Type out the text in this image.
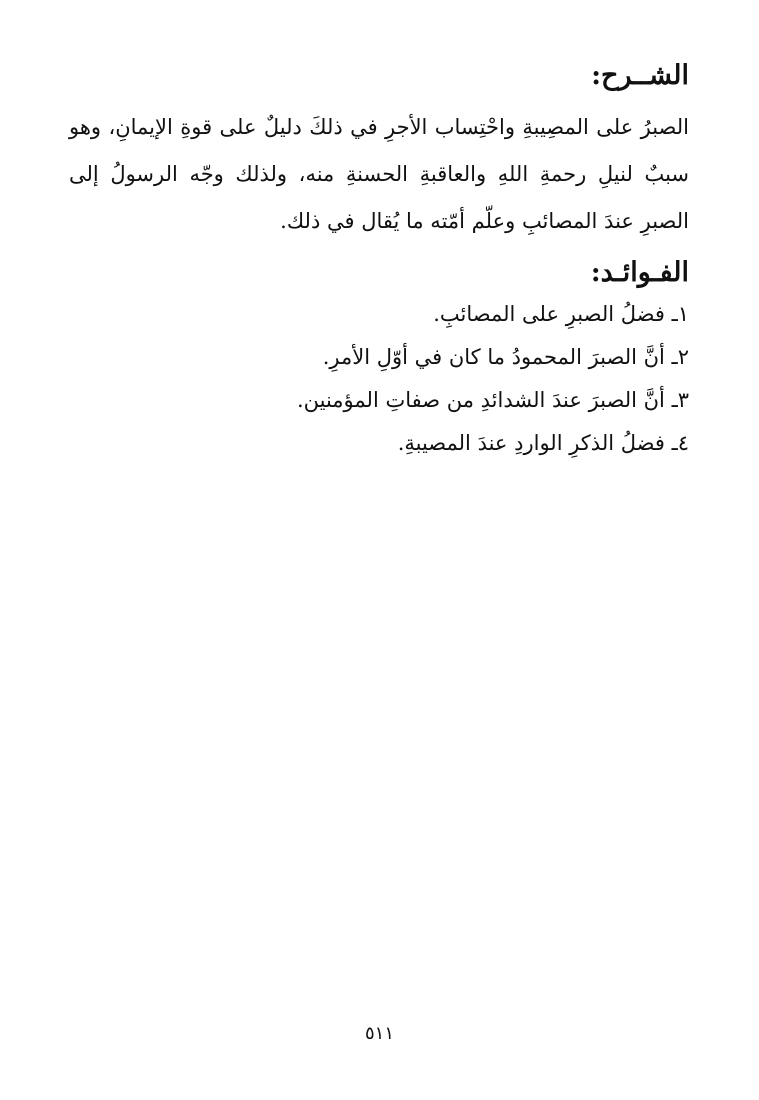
الشــرح:

الصبرُ على المصِيبةِ واحْتِساب الأجرِ في ذلكَ دليلٌ على قوةِ الإيمانِ، وهو سببٌ لنيلِ رحمةِ اللهِ والعاقبةِ الحسنةِ منه، ولذلك وجّه الرسولُ إلى الصبرِ عندَ المصائبِ وعلّم أمّته ما يُقال في ذلك.

الفـوائـد:
١ـ فضلُ الصبرِ على المصائبِ.
٢ـ أنَّ الصبرَ المحمودُ ما كان في أوّلِ الأمرِ.
٣ـ أنَّ الصبرَ عندَ الشدائدِ من صفاتِ المؤمنين.
٤ـ فضلُ الذكرِ الواردِ عندَ المصيبةِ.
٥١١
